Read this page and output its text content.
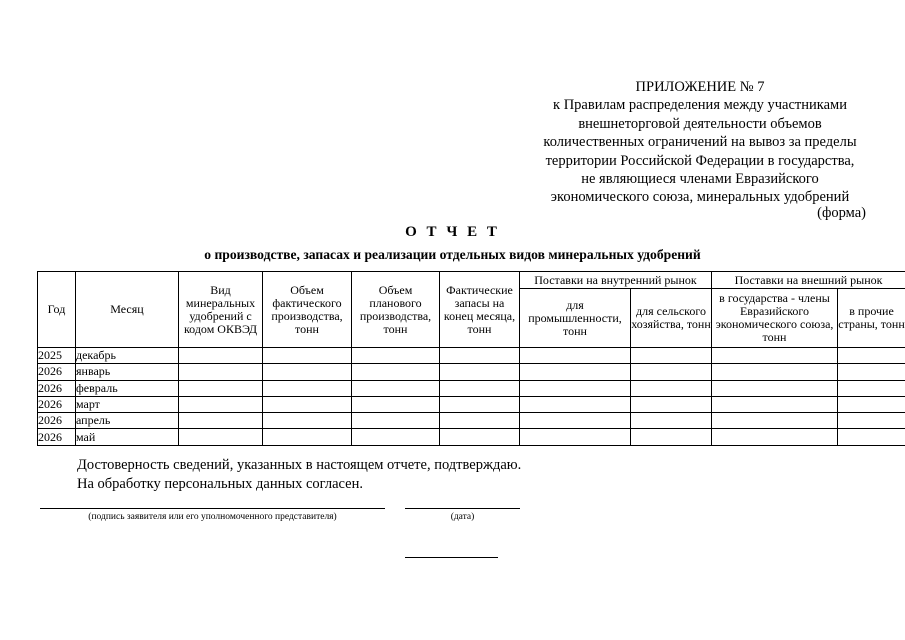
ПРИЛОЖЕНИЕ № 7
к Правилам распределения между участниками
внешнеторговой деятельности объемов
количественных ограничений на вывоз за пределы
территории Российской Федерации в государства,
не являющиеся членами Евразийского
экономического союза, минеральных удобрений
(форма)
О Т Ч Е Т
о производстве, запасах и реализации отдельных видов минеральных удобрений
Год	Месяц	Вид минеральных удобрений с кодом ОКВЭД	Объем фактического производства, тонн	Объем планового производства, тонн	Фактические запасы на конец месяца, тонн	Поставки на внутренний рынок		Поставки на внешний рынок	
						для промышленности, тонн	для сельского хозяйства, тонн	в государства - члены Евразийского экономического союза, тонн	в прочие страны, тонн
2025	декабрь								
2026	январь								
2026	февраль								
2026	март								
2026	апрель								
2026	май								
Достоверность сведений, указанных в настоящем отчете, подтверждаю.
На обработку персональных данных согласен.
(подпись заявителя или его уполномоченного представителя)	(дата)
